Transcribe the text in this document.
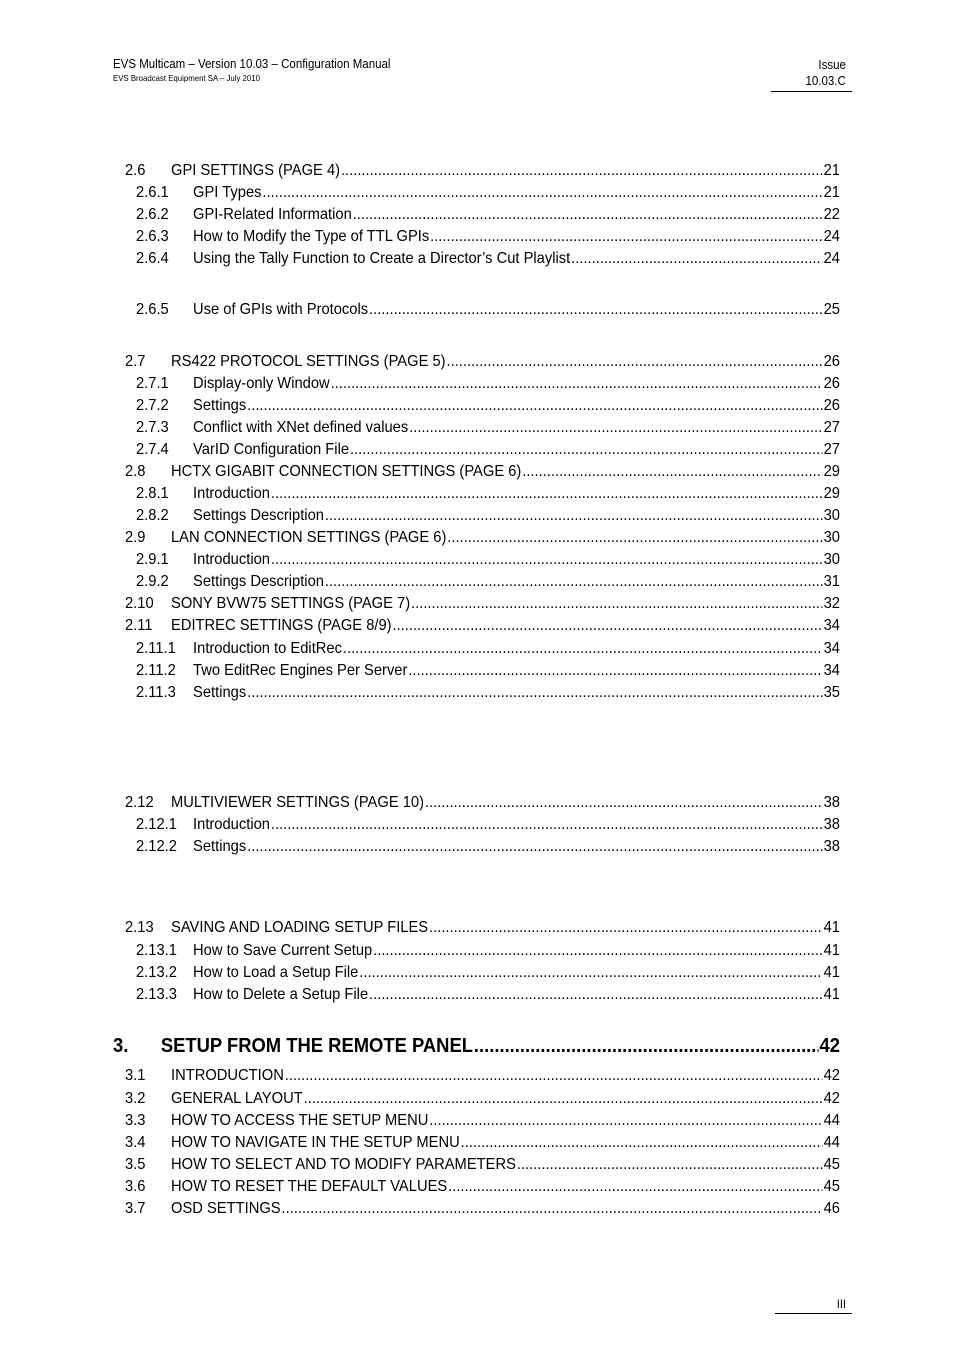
EVS Multicam – Version 10.03 – Configuration Manual
EVS Broadcast Equipment SA – July 2010
Issue
10.03.C
2.6	GPI SETTINGS (PAGE 4) .....	21
2.6.1	GPI Types .....	21
2.6.2	GPI-Related Information .....	22
2.6.3	How to Modify the Type of TTL GPIs .....	24
2.6.4	Using the Tally Function to Create a Director’s Cut Playlist .....	24
2.6.5	Use of GPIs with Protocols .....	25
2.7	RS422 PROTOCOL SETTINGS (PAGE 5) .....	26
2.7.1	Display-only Window .....	26
2.7.2	Settings .....	26
2.7.3	Conflict with XNet defined values .....	27
2.7.4	VarID Configuration File .....	27
2.8	HCTX GIGABIT CONNECTION SETTINGS (PAGE 6) .....	29
2.8.1	Introduction .....	29
2.8.2	Settings Description .....	30
2.9	LAN CONNECTION SETTINGS (PAGE 6) .....	30
2.9.1	Introduction .....	30
2.9.2	Settings Description .....	31
2.10	SONY BVW75 SETTINGS (PAGE 7) .....	32
2.11	EDITREC SETTINGS (PAGE 8/9) .....	34
2.11.1	Introduction to EditRec .....	34
2.11.2	Two EditRec Engines Per Server .....	34
2.11.3	Settings .....	35
2.12	MULTIVIEWER SETTINGS (PAGE 10) .....	38
2.12.1	Introduction .....	38
2.12.2	Settings .....	38
2.13	SAVING AND LOADING SETUP FILES .....	41
2.13.1	How to Save Current Setup .....	41
2.13.2	How to Load a Setup File .....	41
2.13.3	How to Delete a Setup File .....	41
3.	SETUP FROM THE REMOTE PANEL .....	42
3.1	INTRODUCTION .....	42
3.2	GENERAL LAYOUT .....	42
3.3	HOW TO ACCESS THE SETUP MENU .....	44
3.4	HOW TO NAVIGATE IN THE SETUP MENU .....	44
3.5	HOW TO SELECT AND TO MODIFY PARAMETERS .....	45
3.6	HOW TO RESET THE DEFAULT VALUES .....	45
3.7	OSD SETTINGS .....	46
III
